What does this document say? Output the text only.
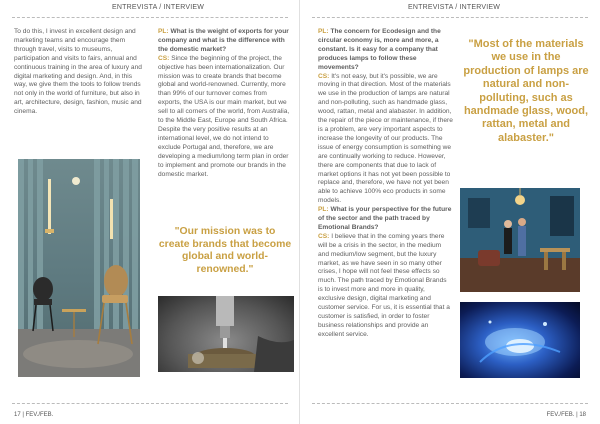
ENTREVISTA / INTERVIEW
To do this, I invest in excellent design and marketing teams and encourage them through travel, visits to museums, participation and visits to fairs, annual and continuous training in the area of luxury and digital marketing and design. And, in this way, we give them the tools to follow trends not only in the world of furniture, but also in art, architecture, design, fashion, music and cinema.
PL: What is the weight of exports for your company and what is the difference with the domestic market?
CS: Since the beginning of the project, the objective has been internationalization. Our mission was to create brands that become global and world-renowned. Currently, more than 99% of our turnover comes from exports, the USA is our main market, but we sell to all corners of the world, from Australia, to the Middle East, Europe and South Africa. Despite the very positive results at an international level, we do not intend to exclude Portugal and, therefore, we are developing a medium/long term plan in order to implement and promote our brands in the domestic market.
"Our mission was to create brands that become global and world-renowned."
17 | FEV./FEB.
ENTREVISTA / INTERVIEW
PL: The concern for Ecodesign and the circular economy is, more and more, a constant. Is it easy for a company that produces lamps to follow these movements?
CS: It's not easy, but it's possible, we are moving in that direction. Most of the materials we use in the production of lamps are natural and non-polluting, such as handmade glass, wood, rattan, metal and alabaster. In addition, the repair of the piece or maintenance, if there is a problem, are very important aspects to increase the longevity of our products. The issue of energy consumption is something we are continually working to reduce. However, there are components that due to lack of market options it has not yet been possible to replace and, therefore, we have not yet been able to achieve 100% eco products in some models.
PL: What is your perspective for the future of the sector and the path traced by Emotional Brands?
CS: I believe that in the coming years there will be a crisis in the sector, in the medium and medium/low segment, but the luxury market, as we have seen in so many other crises, I hope will not feel these effects so much. The path traced by Emotional Brands is to invest more and more in quality, exclusive design, digital marketing and customer service. For us, it is essential that a customer is satisfied, in order to foster business relationships and provide an excellent service.
"Most of the materials we use in the production of lamps are natural and non- polluting, such as handmade glass, wood, rattan, metal and alabaster."
FEV./FEB. | 18
